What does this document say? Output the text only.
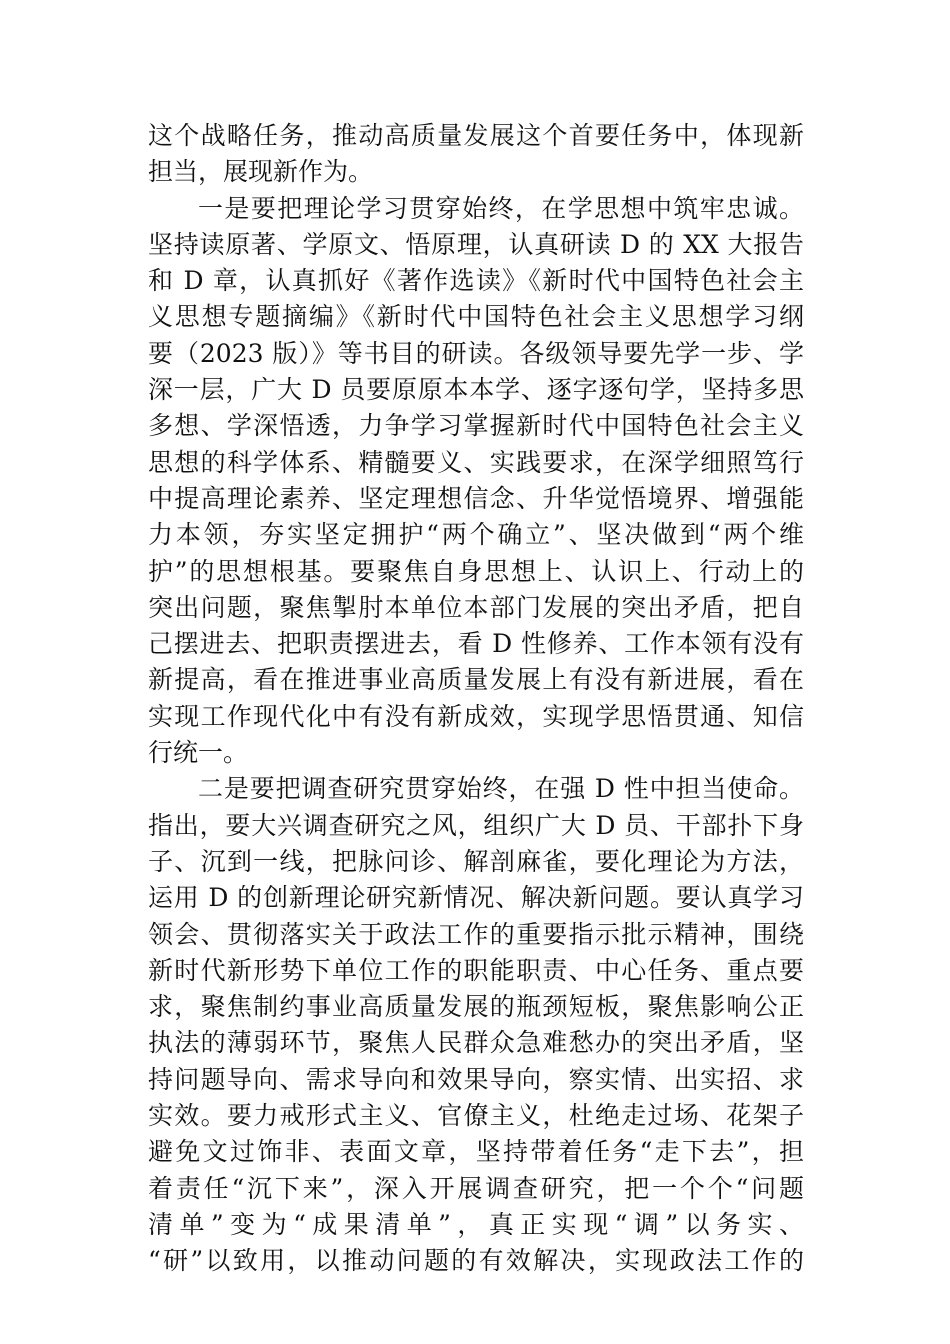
这个战略任务，推动高质量发展这个首要任务中，体现新
担当，展现新作为。
一是要把理论学习贯穿始终，在学思想中筑牢忠诚。
坚持读原著、学原文、悟原理，认真研读 D 的 XX 大报告
和 D 章，认真抓好《著作选读》《新时代中国特色社会主
义思想专题摘编》《新时代中国特色社会主义思想学习纲
要（2023 版）》等书目的研读。各级领导要先学一步、学
深一层，广大 D 员要原原本本学、逐字逐句学，坚持多思
多想、学深悟透，力争学习掌握新时代中国特色社会主义
思想的科学体系、精髓要义、实践要求，在深学细照笃行
中提高理论素养、坚定理想信念、升华觉悟境界、增强能
力本领，夯实坚定拥护“两个确立”、坚决做到“两个维
护”的思想根基。要聚焦自身思想上、认识上、行动上的
突出问题，聚焦掣肘本单位本部门发展的突出矛盾，把自
己摆进去、把职责摆进去，看 D 性修养、工作本领有没有
新提高，看在推进事业高质量发展上有没有新进展，看在
实现工作现代化中有没有新成效，实现学思悟贯通、知信
行统一。
二是要把调查研究贯穿始终，在强 D 性中担当使命。
指出，要大兴调查研究之风，组织广大 D 员、干部扑下身
子、沉到一线，把脉问诊、解剖麻雀，要化理论为方法，
运用 D 的创新理论研究新情况、解决新问题。要认真学习
领会、贯彻落实关于政法工作的重要指示批示精神，围绕
新时代新形势下单位工作的职能职责、中心任务、重点要
求，聚焦制约事业高质量发展的瓶颈短板，聚焦影响公正
执法的薄弱环节，聚焦人民群众急难愁办的突出矛盾，坚
持问题导向、需求导向和效果导向，察实情、出实招、求
实效。要力戒形式主义、官僚主义，杜绝走过场、花架子
避免文过饰非、表面文章，坚持带着任务“走下去”，担
着责任“沉下来”，深入开展调查研究，把一个个“问题
清单”变为“成果清单”，真正实现“调”以务实、
“研”以致用，以推动问题的有效解决，实现政法工作的
